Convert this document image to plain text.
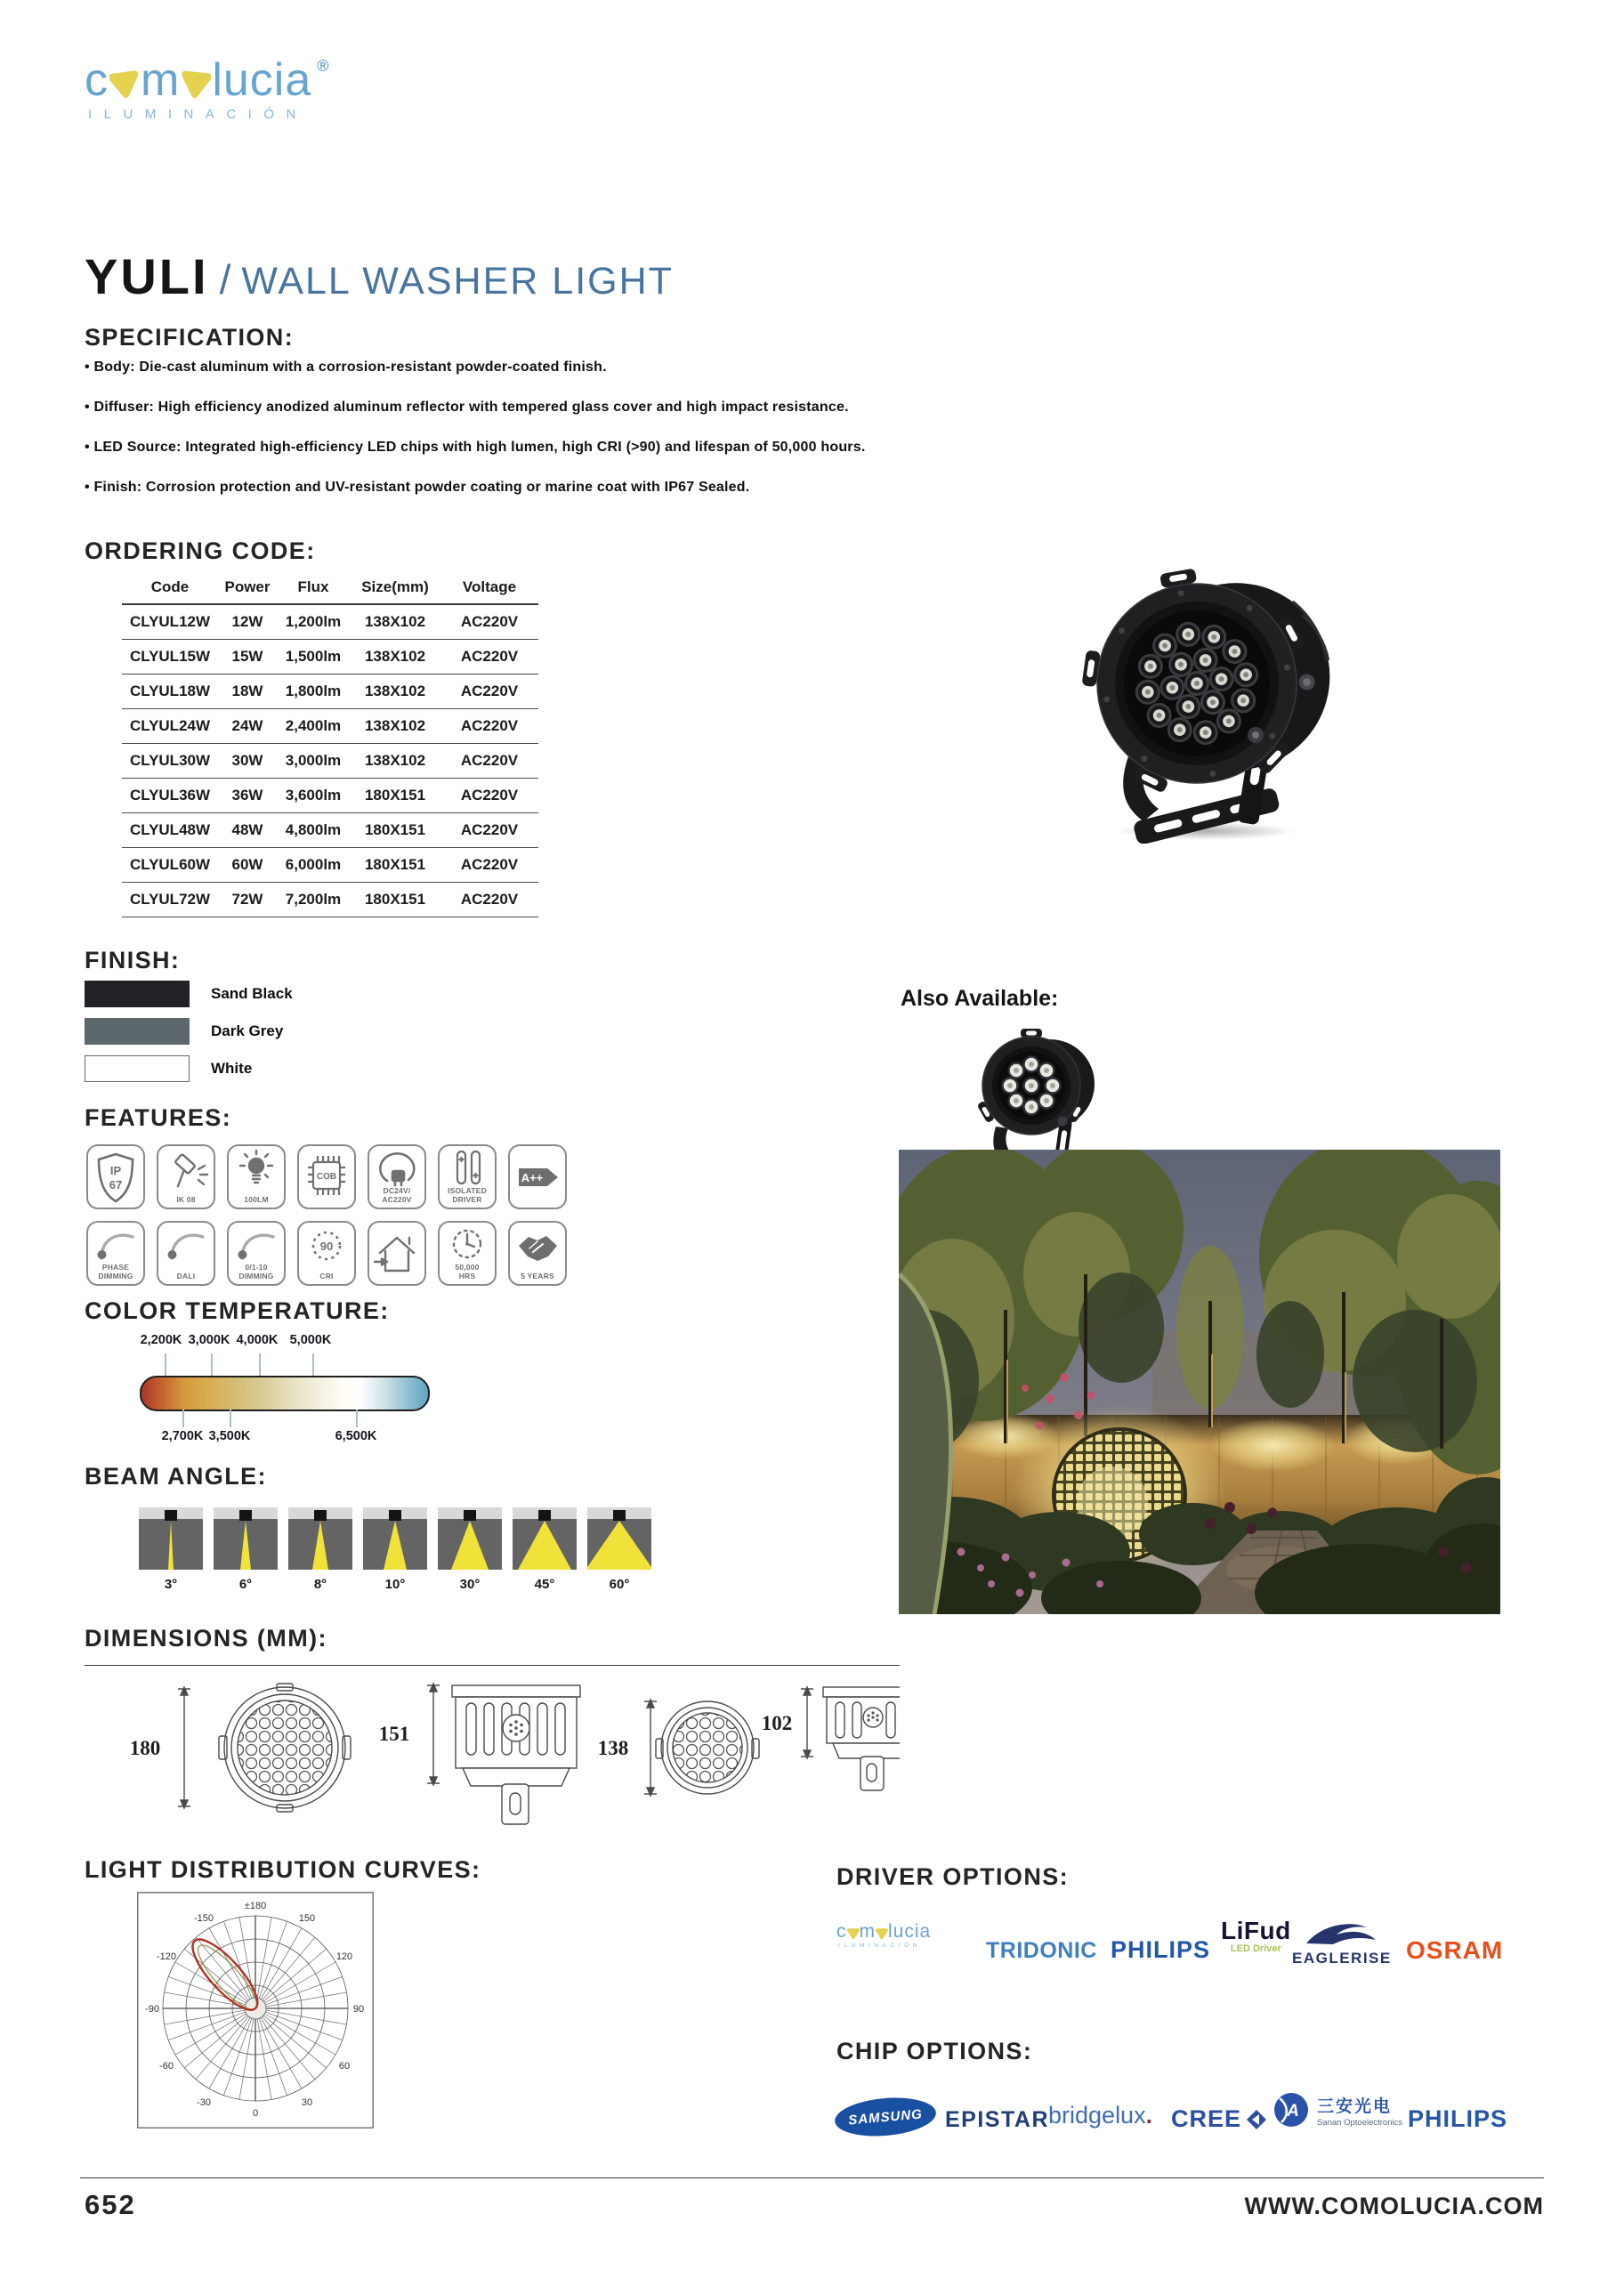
c m lucia ®
ILUMINACIÓN
YULI / WALL WASHER LIGHT
SPECIFICATION:
• Body: Die-cast aluminum with a corrosion-resistant powder-coated finish.
• Diffuser: High efficiency anodized aluminum reflector with tempered glass cover and high impact resistance.
• LED Source: Integrated high-efficiency LED chips with high lumen, high CRI (>90) and lifespan of 50,000 hours.
• Finish: Corrosion protection and UV-resistant powder coating or marine coat with IP67 Sealed.
ORDERING CODE:
Code	Power	Flux	Size(mm)	Voltage
CLYUL12W	12W	1,200lm	138X102	AC220V
CLYUL15W	15W	1,500lm	138X102	AC220V
CLYUL18W	18W	1,800lm	138X102	AC220V
CLYUL24W	24W	2,400lm	138X102	AC220V
CLYUL30W	30W	3,000lm	138X102	AC220V
CLYUL36W	36W	3,600lm	180X151	AC220V
CLYUL48W	48W	4,800lm	180X151	AC220V
CLYUL60W	60W	6,000lm	180X151	AC220V
CLYUL72W	72W	7,200lm	180X151	AC220V
FINISH:
Sand Black
Dark Grey
White
Also Available:
FEATURES:
IP
67
IK 08	100LM
COB
DC24V/
AC220V
ISOLATED
DRIVER
A++
PHASE
DIMMING	DALI
0/1-10
DIMMING
90
CRI
50,000
HRS	5 YEARS
COLOR TEMPERATURE:
2,200K 3,000K 4,000K 5,000K
2,700K 3,500K	6,500K
BEAM ANGLE:
3°	6°	8°	10°	30°	45°	60°
DIMENSIONS (MM):
180
151
138
102
LIGHT DISTRIBUTION CURVES:
±180
-150	150
-120	120
-90	90
-60	60
-30	30
0
DRIVER OPTIONS:
c m lucia
ILUMINACIÓN	TRIDONIC PHILIPS
LiFud
LED Driver
EAGLERISE OSRAM
CHIP OPTIONS:
SAMSUNG EPISTAR bridgelux. CREE	A 三安光电
Sanan Optoelectronics PHILIPS
652	WWW.COMOLUCIA.COM
